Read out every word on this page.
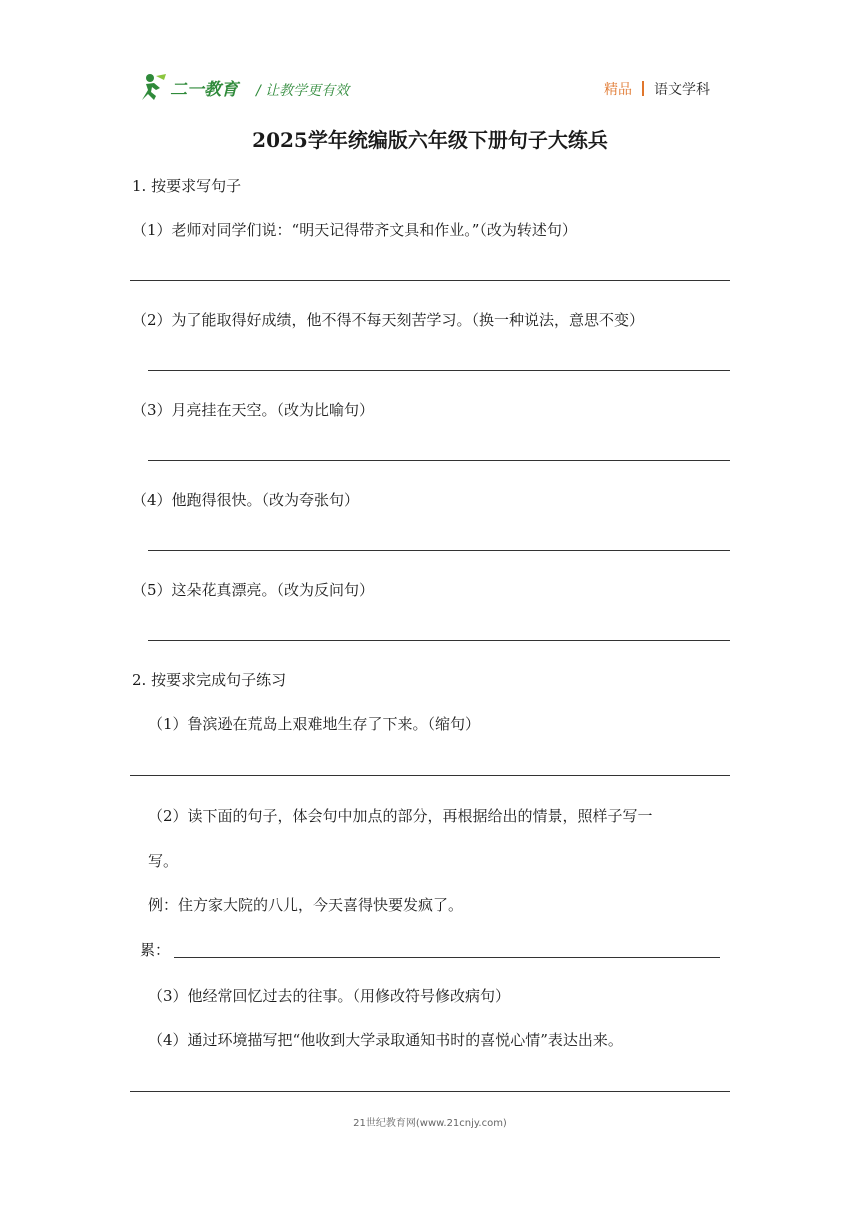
二一教育 / 让教学更有效	精品 语文学科
2025学年统编版六年级下册句子大练兵
1. 按要求写句子
（1）老师对同学们说：“明天记得带齐文具和作业。”（改为转述句）
（2）为了能取得好成绩，他不得不每天刻苦学习。（换一种说法，意思不变）
（3）月亮挂在天空。（改为比喻句）
（4）他跑得很快。（改为夸张句）
（5）这朵花真漂亮。（改为反问句）
2. 按要求完成句子练习
（1）鲁滨逊在荒岛上艰难地生存了下来。（缩句）
（2）读下面的句子，体会句中加点的部分，再根据给出的情景，照样子写一
写。
例：住方家大院的八儿，今天喜得快要发疯了。
累：
（3）他经常回忆过去的往事。（用修改符号修改病句）
（4）通过环境描写把“他收到大学录取通知书时的喜悦心情”表达出来。
21世纪教育网(www.21cnjy.com)
